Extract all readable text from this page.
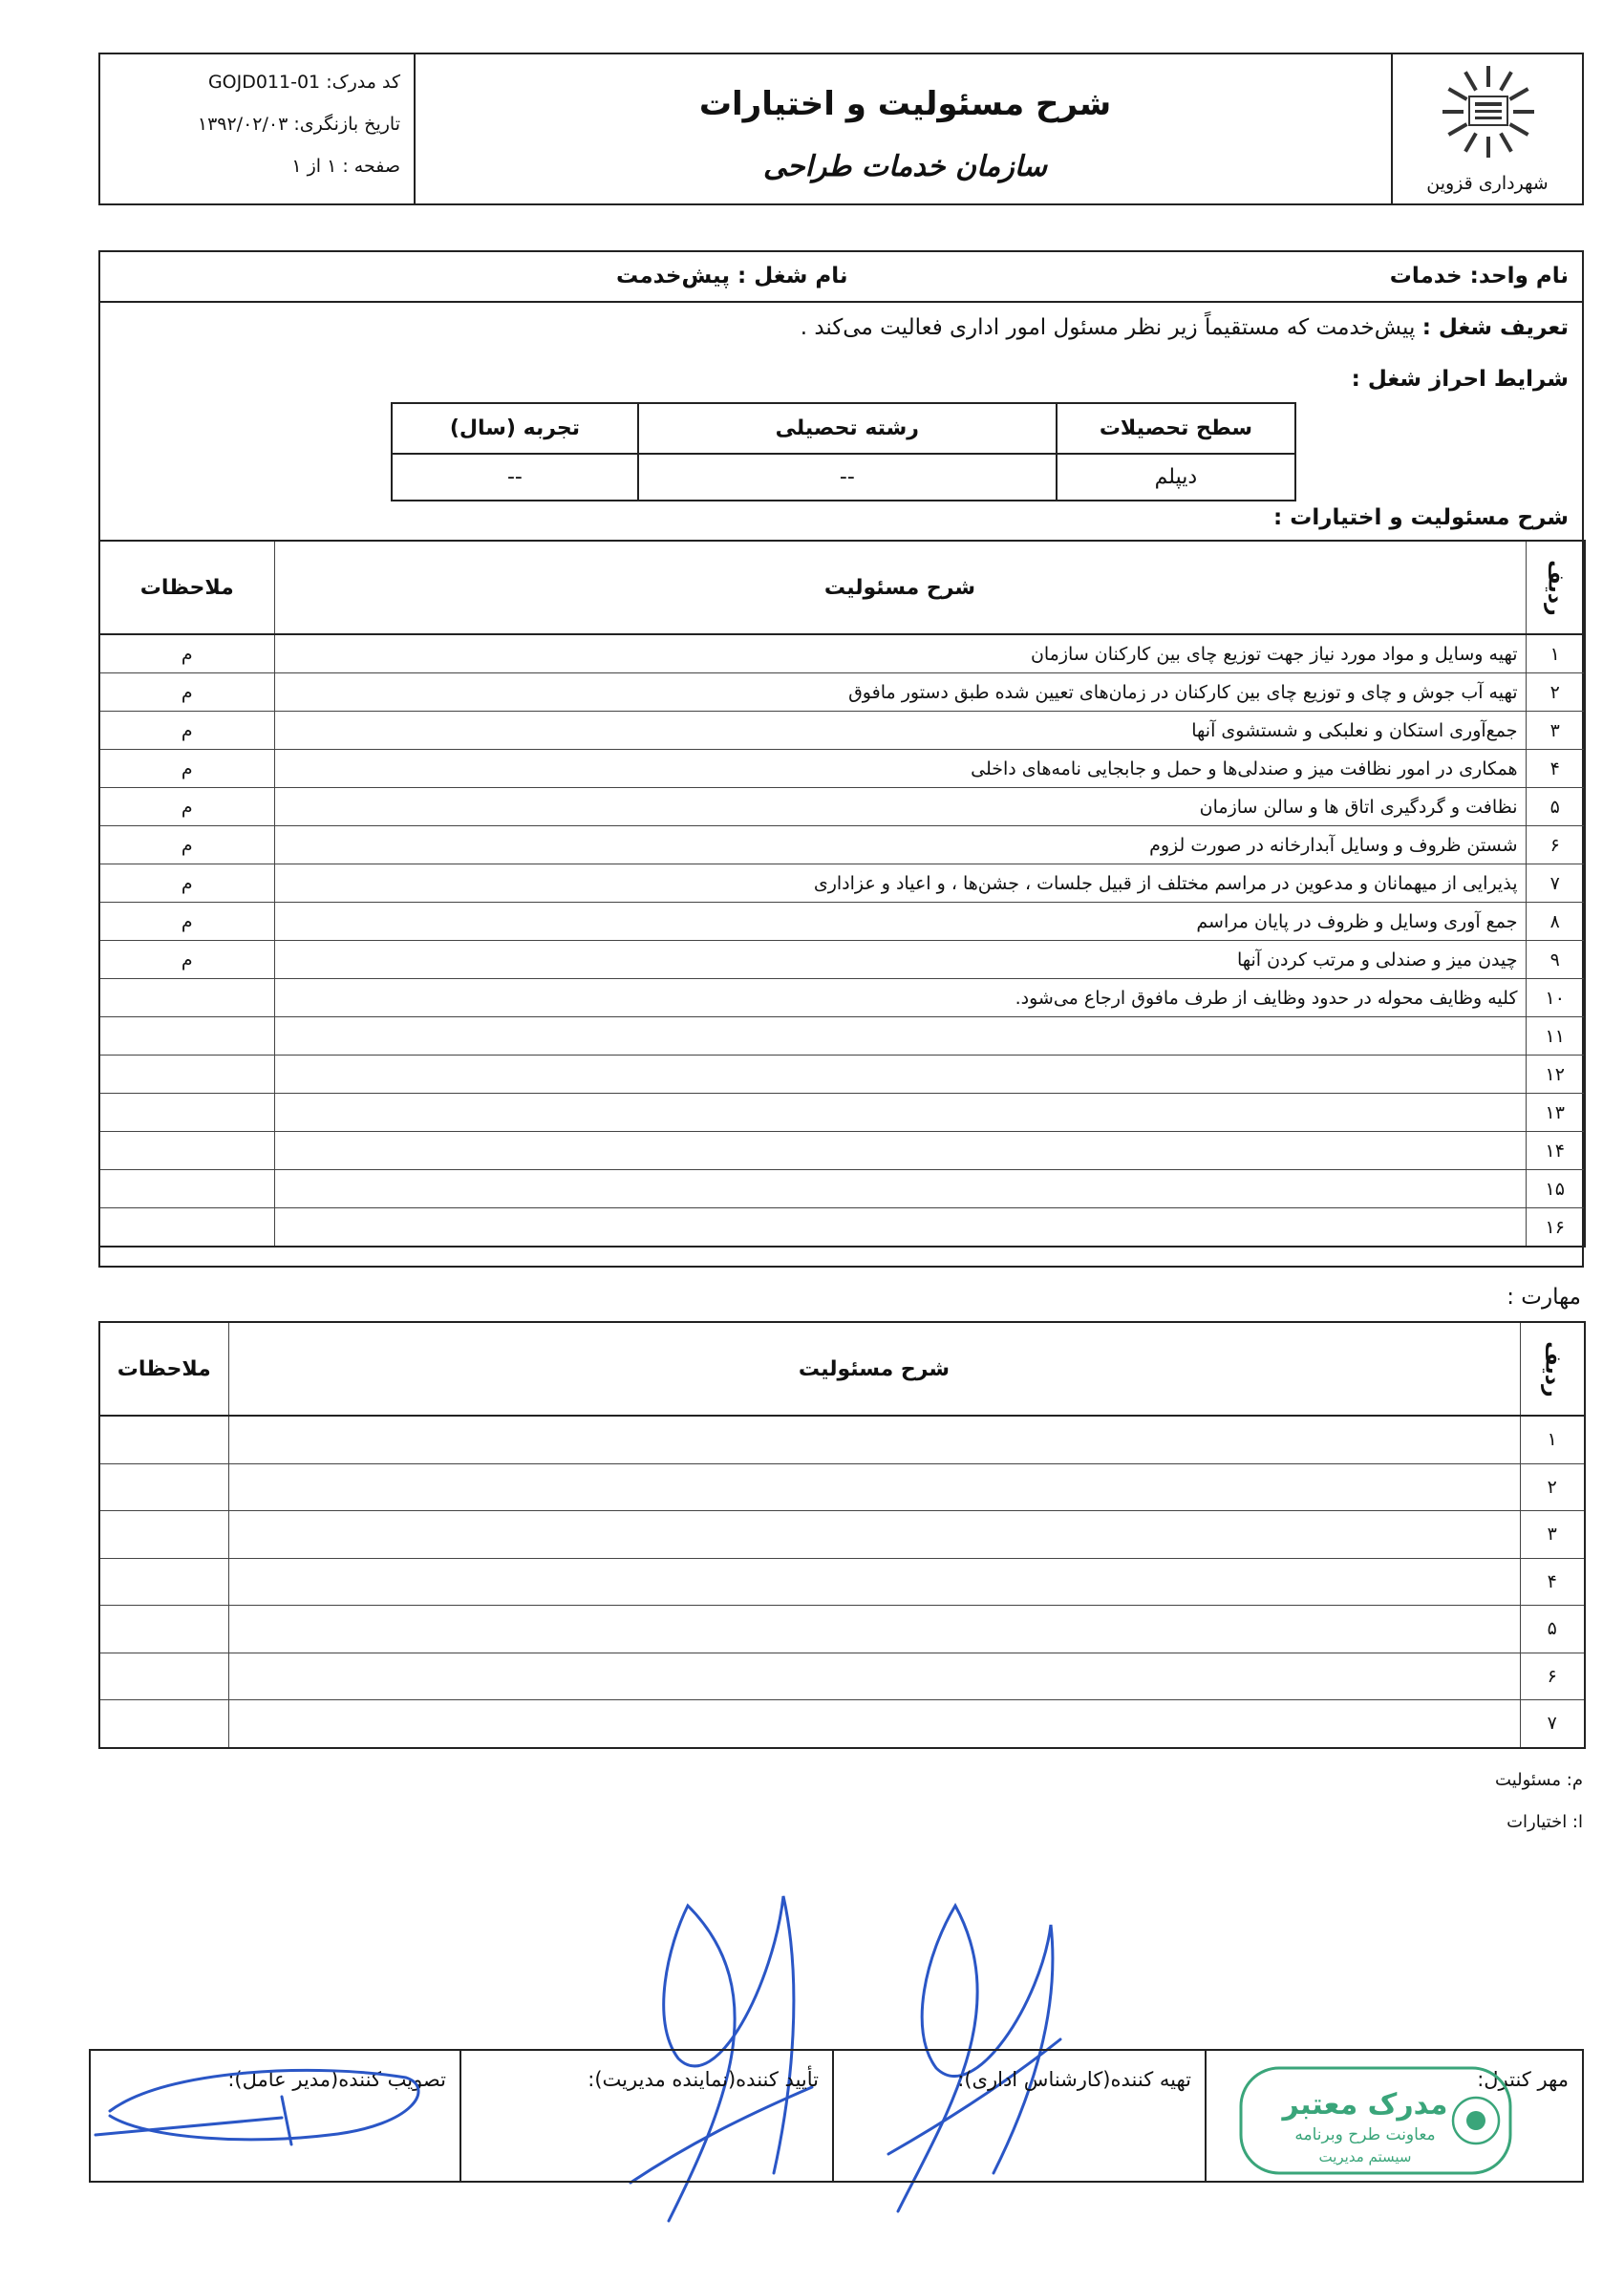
کد مدرک: GOJD011-01
تاریخ بازنگری: ۱۳۹۲/۰۲/۰۳
صفحه : ۱ از ۱
شرح مسئولیت و اختیارات
سازمان خدمات طراحی	شهرداری قزوین
نام واحد: خدمات
نام شغل : پیش‌خدمت
تعریف شغل : پیش‌خدمت که مستقیماً زیر نظر مسئول امور اداری فعالیت می‌کند .
شرایط احراز شغل :
سطح تحصیلات	رشته تحصیلی	تجربه (سال)
دیپلم	--	--
شرح مسئولیت و اختیارات :
ردیف	شرح مسئولیت	ملاحظات
۱	تهیه وسایل و مواد مورد نیاز جهت توزیع چای بین کارکنان سازمان	م
۲	تهیه آب جوش و چای و توزیع چای بین کارکنان در زمان‌های تعیین شده طبق دستور مافوق	م
۳	جمع‌آوری استکان و نعلبکی و شستشوی آنها	م
۴	همکاری در امور نظافت میز و صندلی‌ها و حمل و جابجایی نامه‌های داخلی	م
۵	نظافت و گردگیری اتاق ها و سالن سازمان	م
۶	شستن ظروف و وسایل آبدارخانه در صورت لزوم	م
۷	پذیرایی از میهمانان و مدعوین در مراسم مختلف از قبیل جلسات ، جشن‌ها ، و اعیاد و عزاداری	م
۸	جمع آوری وسایل و ظروف در پایان مراسم	م
۹	چیدن میز و صندلی و مرتب کردن آنها	م
۱۰	کلیه وظایف محوله در حدود وظایف از طرف مافوق ارجاع می‌شود.	
۱۱		
۱۲		
۱۳		
۱۴		
۱۵		
۱۶		
مهارت :
ردیف	شرح مسئولیت	ملاحظات
۱		
۲		
۳		
۴		
۵		
۶		
۷		
م: مسئولیت
ا: اختیارات
مهر کنترل:
مدرک معتبر
معاونت طرح وبرنامه
سیستم مدیریت
تهیه کننده(کارشناس اداری):
تأیید کننده(نماینده مدیریت):
تصویب کننده(مدیر عامل):
